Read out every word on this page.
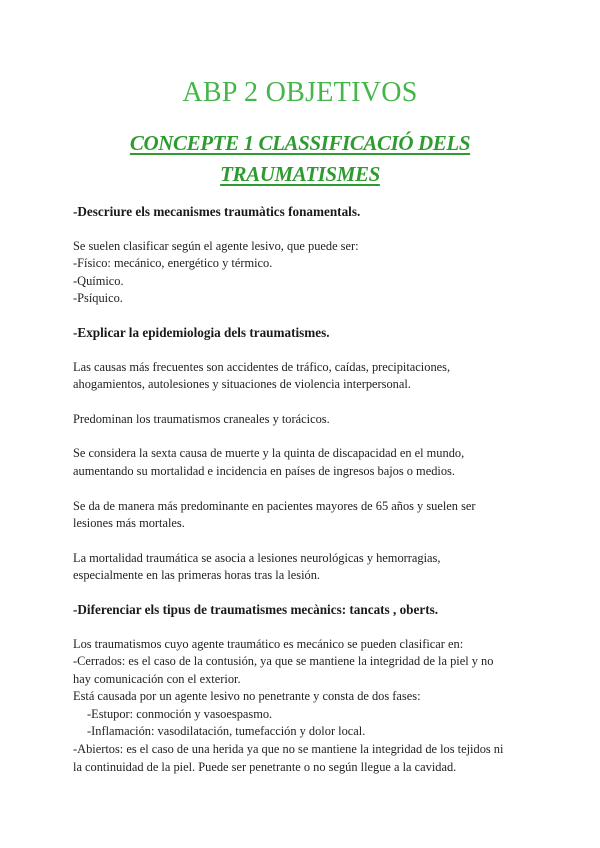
ABP 2 OBJETIVOS
CONCEPTE 1 CLASSIFICACIÓ DELS
TRAUMATISMES

-Descriure els mecanismes traumàtics fonamentals.

Se suelen clasificar según el agente lesivo, que puede ser:

-Físico: mecánico, energético y térmico.

-Químico.

-Psíquico.

-Explicar la epidemiologia dels traumatismes.

Las causas más frecuentes son accidentes de tráfico, caídas, precipitaciones,
ahogamientos, autolesiones y situaciones de violencia interpersonal.

Predominan los traumatismos craneales y torácicos.

Se considera la sexta causa de muerte y la quinta de discapacidad en el mundo,
aumentando su mortalidad e incidencia en países de ingresos bajos o medios.
Se da de manera más predominante en pacientes mayores de 65 años y suelen ser
lesiones más mortales.
La mortalidad traumática se asocia a lesiones neurológicas y hemorragias,
especialmente en las primeras horas tras la lesión.

-Diferenciar els tipus de traumatismes mecànics: tancats , oberts.

Los traumatismos cuyo agente traumático es mecánico se pueden clasificar en:
-Cerrados: es el caso de la contusión, ya que se mantiene la integridad de la piel y no
hay comunicación con el exterior.
Está causada por un agente lesivo no penetrante y consta de dos fases:
-Estupor: conmoción y vasoespasmo.
-Inflamación: vasodilatación, tumefacción y dolor local.
-Abiertos: es el caso de una herida ya que no se mantiene la integridad de los tejidos ni
la continuidad de la piel. Puede ser penetrante o no según llegue a la cavidad.
